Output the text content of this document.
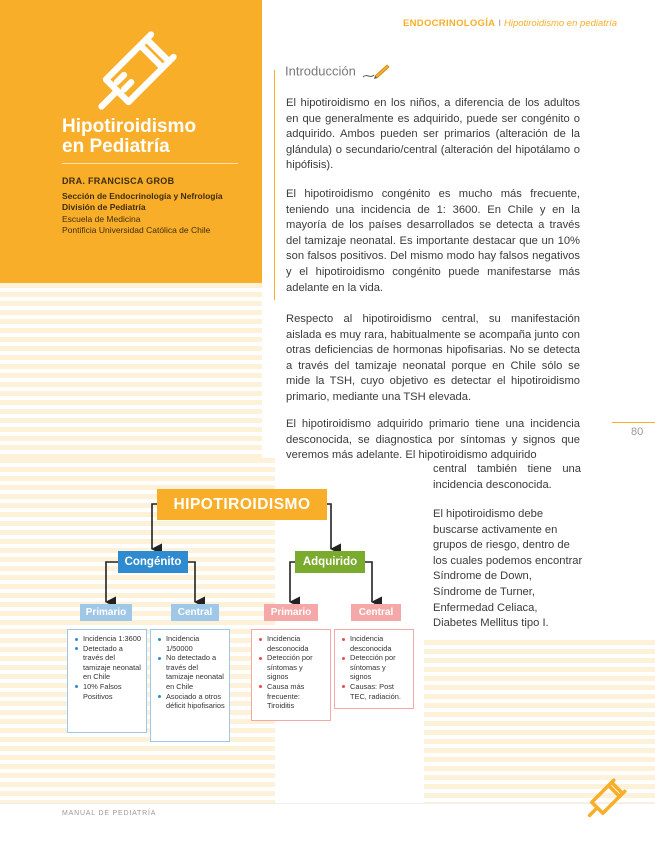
Hipotiroidismo
en Pediatría
DRA. FRANCISCA GROB
Sección de Endocrinología y Nefrología
División de Pediatría
Escuela de Medicina
Pontificia Universidad Católica de Chile
ENDOCRINOLOGÍA I Hipotiroidismo en pediatría
Introducción

El hipotiroidismo en los niños, a diferencia de los adultos en que generalmente es adquirido, puede ser congénito o adquirido. Ambos pueden ser primarios (alteración de la glándula) o secundario/central (alteración del hipotálamo o hipófisis).

El hipotiroidismo congénito es mucho más frecuente, teniendo una incidencia de 1: 3600. En Chile y en la mayoría de los países desarrollados se detecta a través del tamizaje neonatal. Es importante destacar que un 10% son falsos positivos. Del mismo modo hay falsos negativos y el hipotiroidismo congénito puede manifestarse más adelante en la vida.

Respecto al hipotiroidismo central, su manifestación aislada es muy rara, habitualmente se acompaña junto con otras deficiencias de hormonas hipofisarias. No se detecta a través del tamizaje neonatal porque en Chile sólo se mide la TSH, cuyo objetivo es detectar el hipotiroidismo primario, mediante una TSH elevada.

El hipotiroidismo adquirido primario tiene una incidencia desconocida, se diagnostica por síntomas y signos que veremos más adelante. El hipotiroidismo adquirido

central también tiene una incidencia desconocida.

El hipotiroidismo debe buscarse activamente en grupos de riesgo, dentro de los cuales podemos encontrar Síndrome de Down, Síndrome de Turner, Enfermedad Celiaca, Diabetes Mellitus tipo I.

80
HIPOTIROIDISMO
Congénito	Adquirido
Primario	Central	Primario	Central
Incidencia 1:3600
Detectado a través del tamizaje neonatal en Chile
10% Falsos Positivos
Incidencia 1/50000
No detectado a través del tamizaje neonatal en Chile
Asociado a otros déficit hipofisarios
Incidencia desconocida
Detección por síntomas y signos
Causa más frecuente: Tiroiditis
Incidencia desconocida
Detección por síntomas y signos
Causas: Post TEC, radiación.
MANUAL DE PEDIATRÍA
